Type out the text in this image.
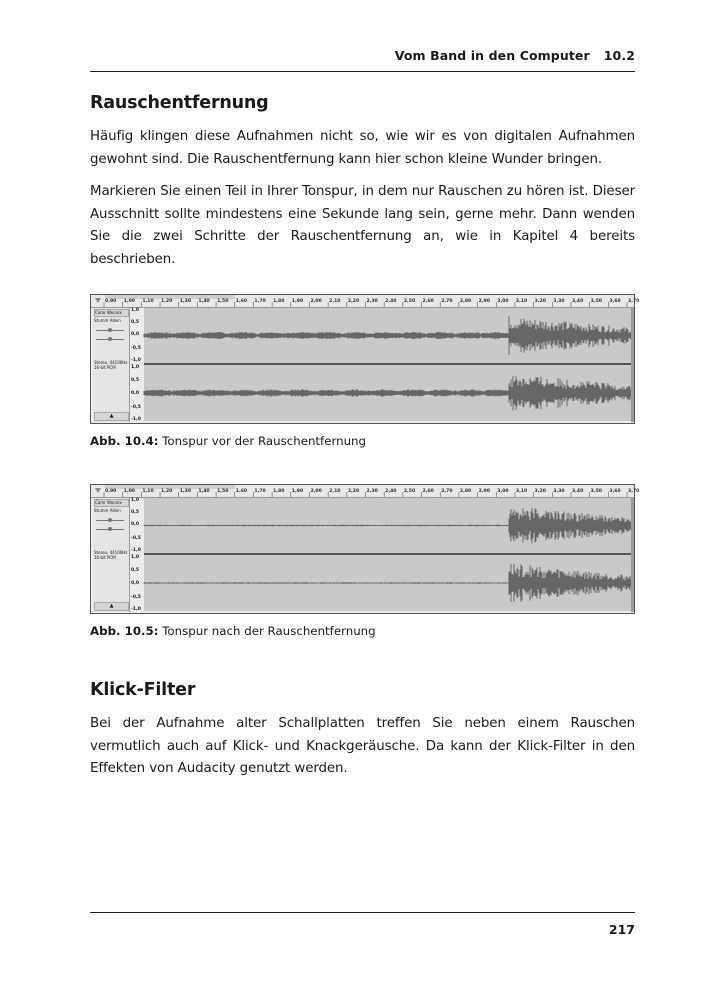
Vom Band in den Computer 10.2
Rauschentfernung

Häufig klingen diese Aufnahmen nicht so, wie wir es von digitalen Aufnahmen gewohnt sind. Die Rauschentfernung kann hier schon kleine Wunder bringen.

Markieren Sie einen Teil in Ihrer Tonspur, in dem nur Rauschen zu hören ist. Dieser Ausschnitt sollte mindestens eine Sekunde lang sein, gerne mehr. Dann wenden Sie die zwei Schritte der Rauschentfernung an, wie in Kapitel 4 bereits beschrieben.

0,90 1,00 1,10 1,20 1,30 1,40 1,50 1,60 1,70 1,80 1,90 2,00 2,10 2,20 2,30 2,40 2,50 2,60 2,70 2,80 2,90 3,00 3,10 3,20 3,30 3,40 3,50 3,60 3,70
Camr Wecorx
Stumm Allein
Stereo, 44100Hz
16-bit PCM
▲
1,0
0,5
0,0
-0,5
-1,0
1,0
0,5
0,0
-0,5
-1,0
Abb. 10.4: Tonspur vor der Rauschentfernung
0,90 1,00 1,10 1,20 1,30 1,40 1,50 1,60 1,70 1,80 1,90 2,00 2,10 2,20 2,30 2,40 2,50 2,60 2,70 2,80 2,90 3,00 3,10 3,20 3,30 3,40 3,50 3,60 3,70
Camr Wecorx
Stumm Allein
Stereo, 44100Hz
16-bit PCM
▲
1,0
0,5
0,0
-0,5
-1,0
1,0
0,5
0,0
-0,5
-1,0
Abb. 10.5: Tonspur nach der Rauschentfernung
Klick-Filter

Bei der Aufnahme alter Schallplatten treffen Sie neben einem Rauschen vermutlich auch auf Klick- und Knackgeräusche. Da kann der Klick-Filter in den Effekten von Audacity genutzt werden.

217
